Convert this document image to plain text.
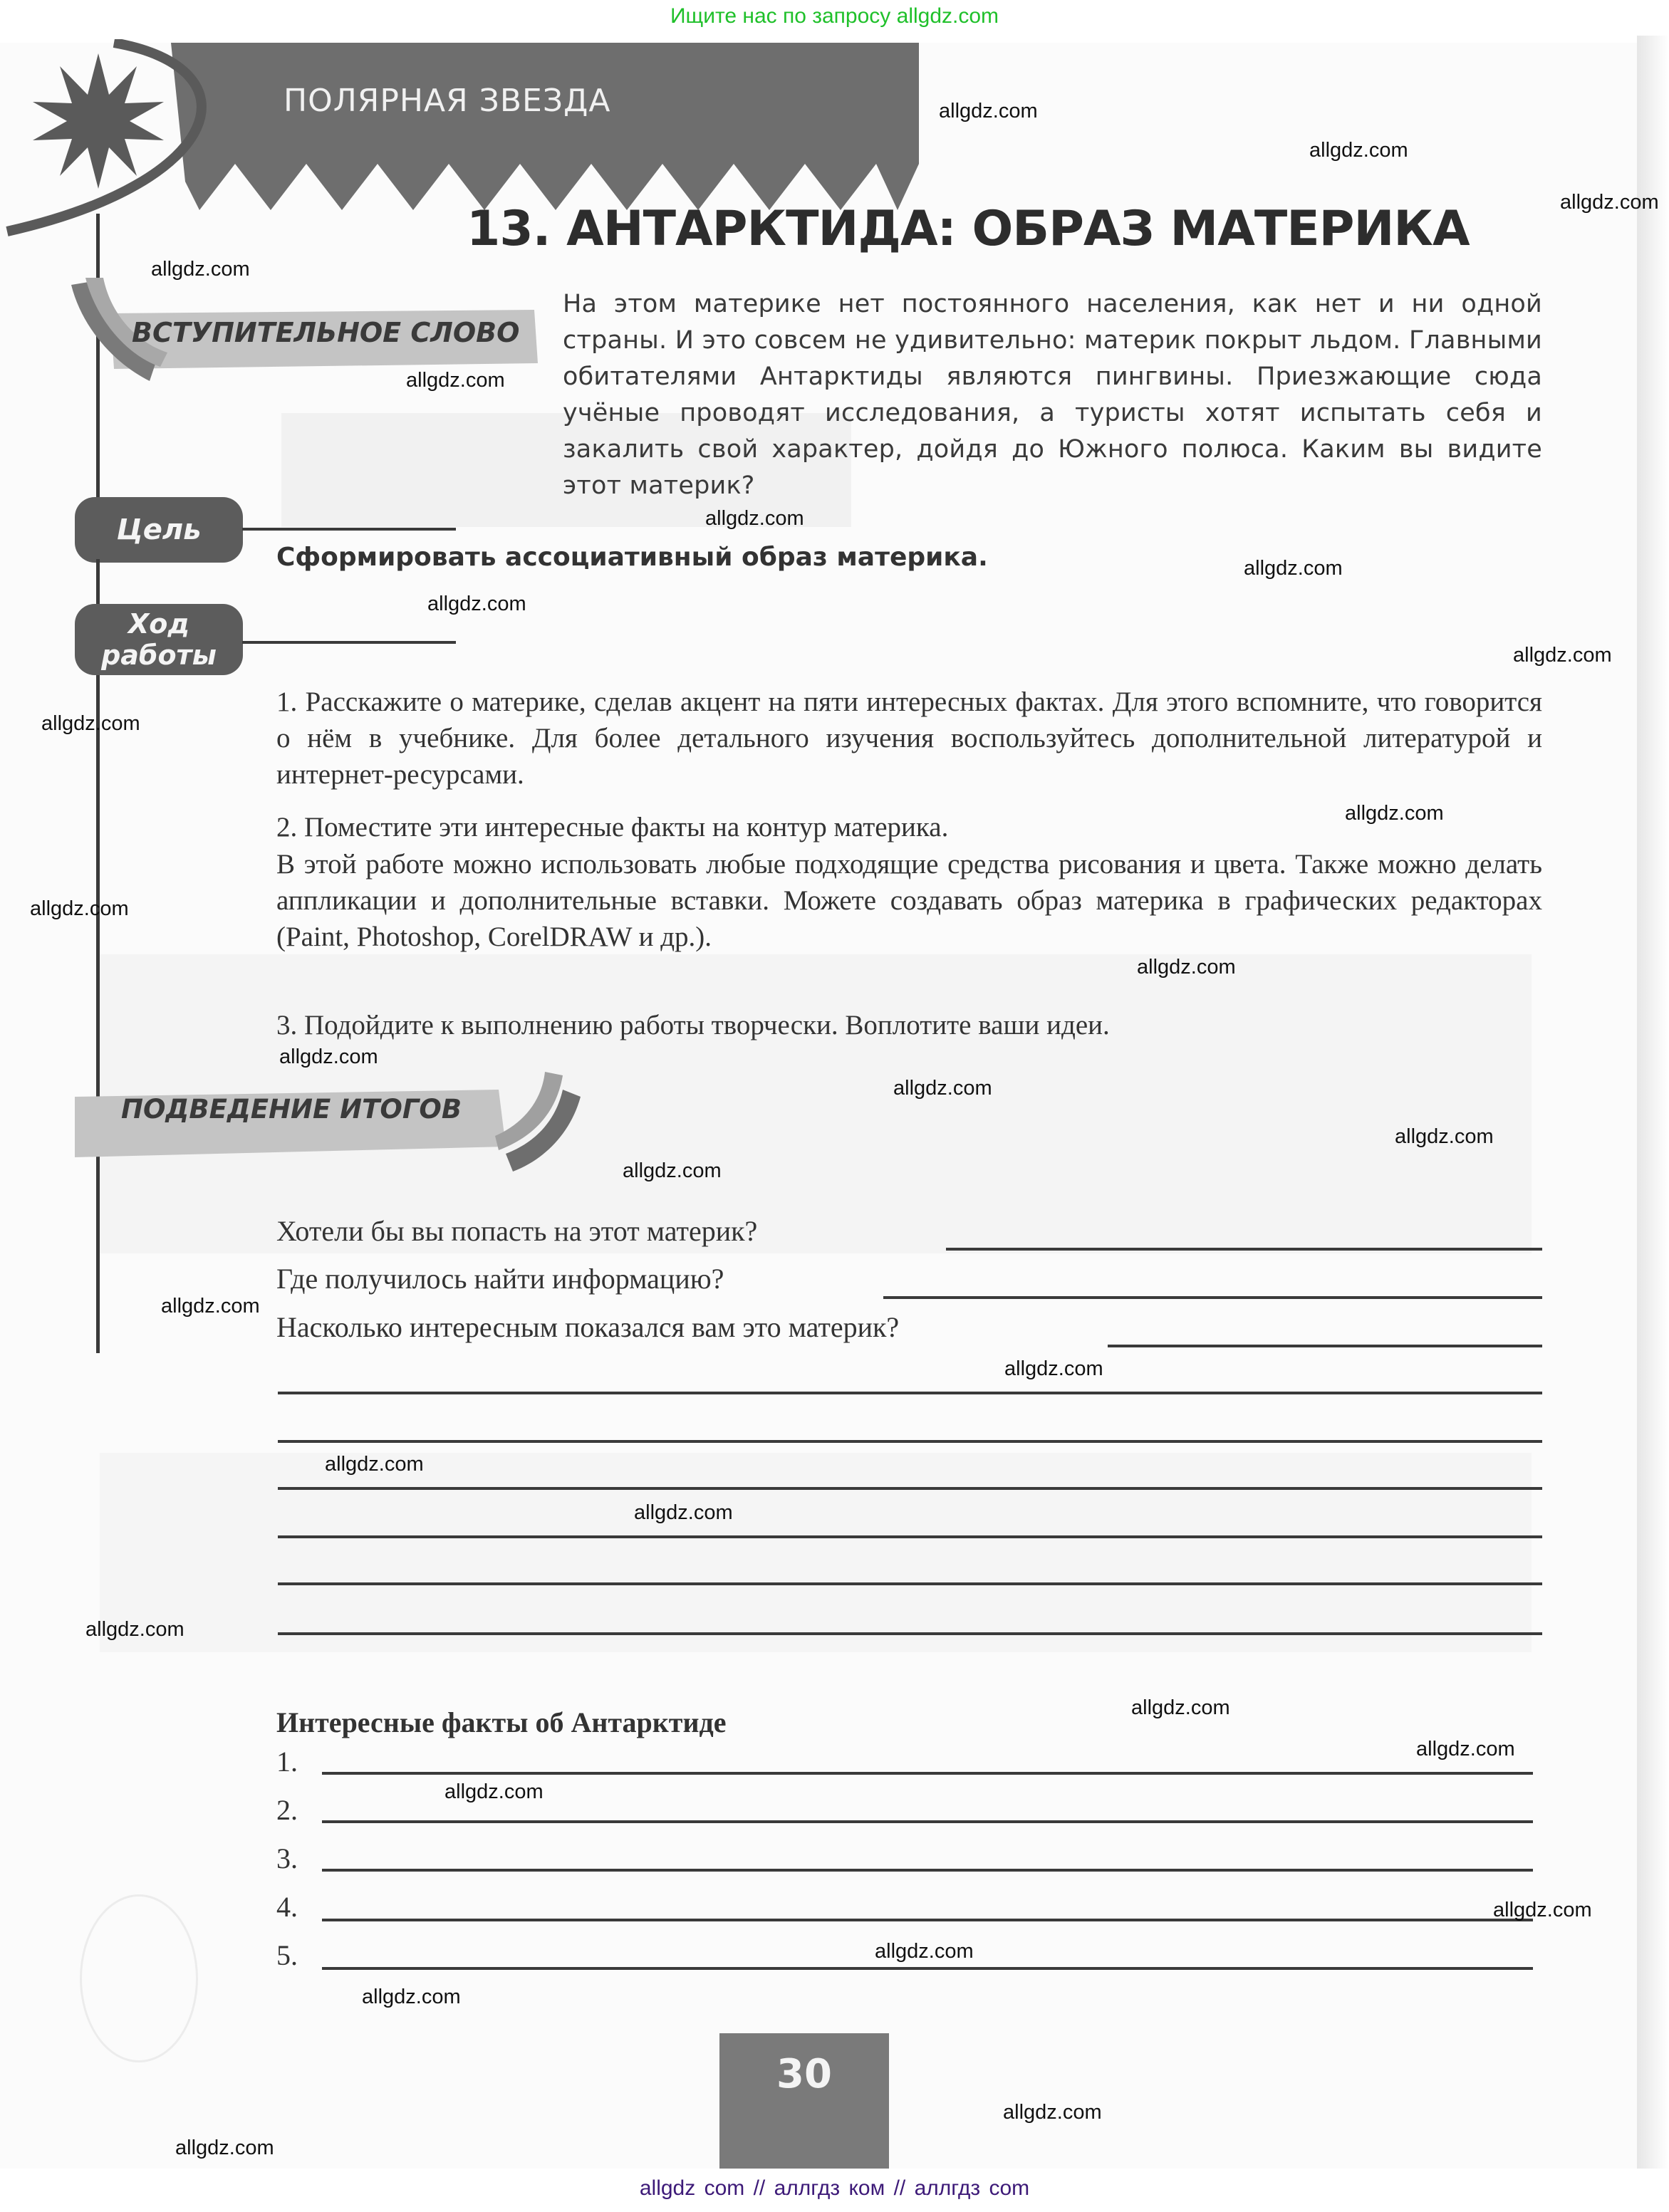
Ищите нас по запросу allgdz.com
ПОЛЯРНАЯ ЗВЕЗДА
13. АНТАРКТИДА: ОБРАЗ МАТЕРИКА
ВСТУПИТЕЛЬНОЕ СЛОВО
На этом материке нет постоянного населения, как нет и ни одной страны. И это совсем не удивительно: материк покрыт льдом. Главными обитателями Антарктиды являются пингвины. Приезжающие сюда учёные проводят исследования, а туристы хотят испытать себя и закалить свой характер, дойдя до Южного полюса. Каким вы видите этот материк?
Цель
Сформировать ассоциативный образ материка.
Ход
работы
1. Расскажите о материке, сделав акцент на пяти интересных фактах. Для этого вспомните, что говорится о нём в учебнике. Для более детального изучения воспользуйтесь дополнительной литературой и интернет-ресурсами.
2. Поместите эти интересные факты на контур материка.
В этой работе можно использовать любые подходящие средства рисования и цвета. Также можно делать аппликации и дополнительные вставки. Можете создавать образ материка в графических редакторах (Paint, Photoshop, CorelDRAW и др.).
3. Подойдите к выполнению работы творчески. Воплотите ваши идеи.
ПОДВЕДЕНИЕ ИТОГОВ
Хотели бы вы попасть на этот материк?
Где получилось найти информацию?
Насколько интересным показался вам это материк?
Интересные факты об Антарктиде
1.
2.
3.
4.
5.
30
allgdz.com
allgdz.com
allgdz.com
allgdz.com
allgdz.com
allgdz.com
allgdz.com
allgdz.com
allgdz.com
allgdz.com
allgdz.com
allgdz.com
allgdz.com
allgdz.com
allgdz.com
allgdz.com
allgdz.com
allgdz.com
allgdz.com
allgdz.com
allgdz.com
allgdz.com
allgdz.com
allgdz.com
allgdz.com
allgdz.com
allgdz.com
allgdz.com
allgdz.com
allgdz.com
allgdz com // аллгдз ком // аллгдз com
